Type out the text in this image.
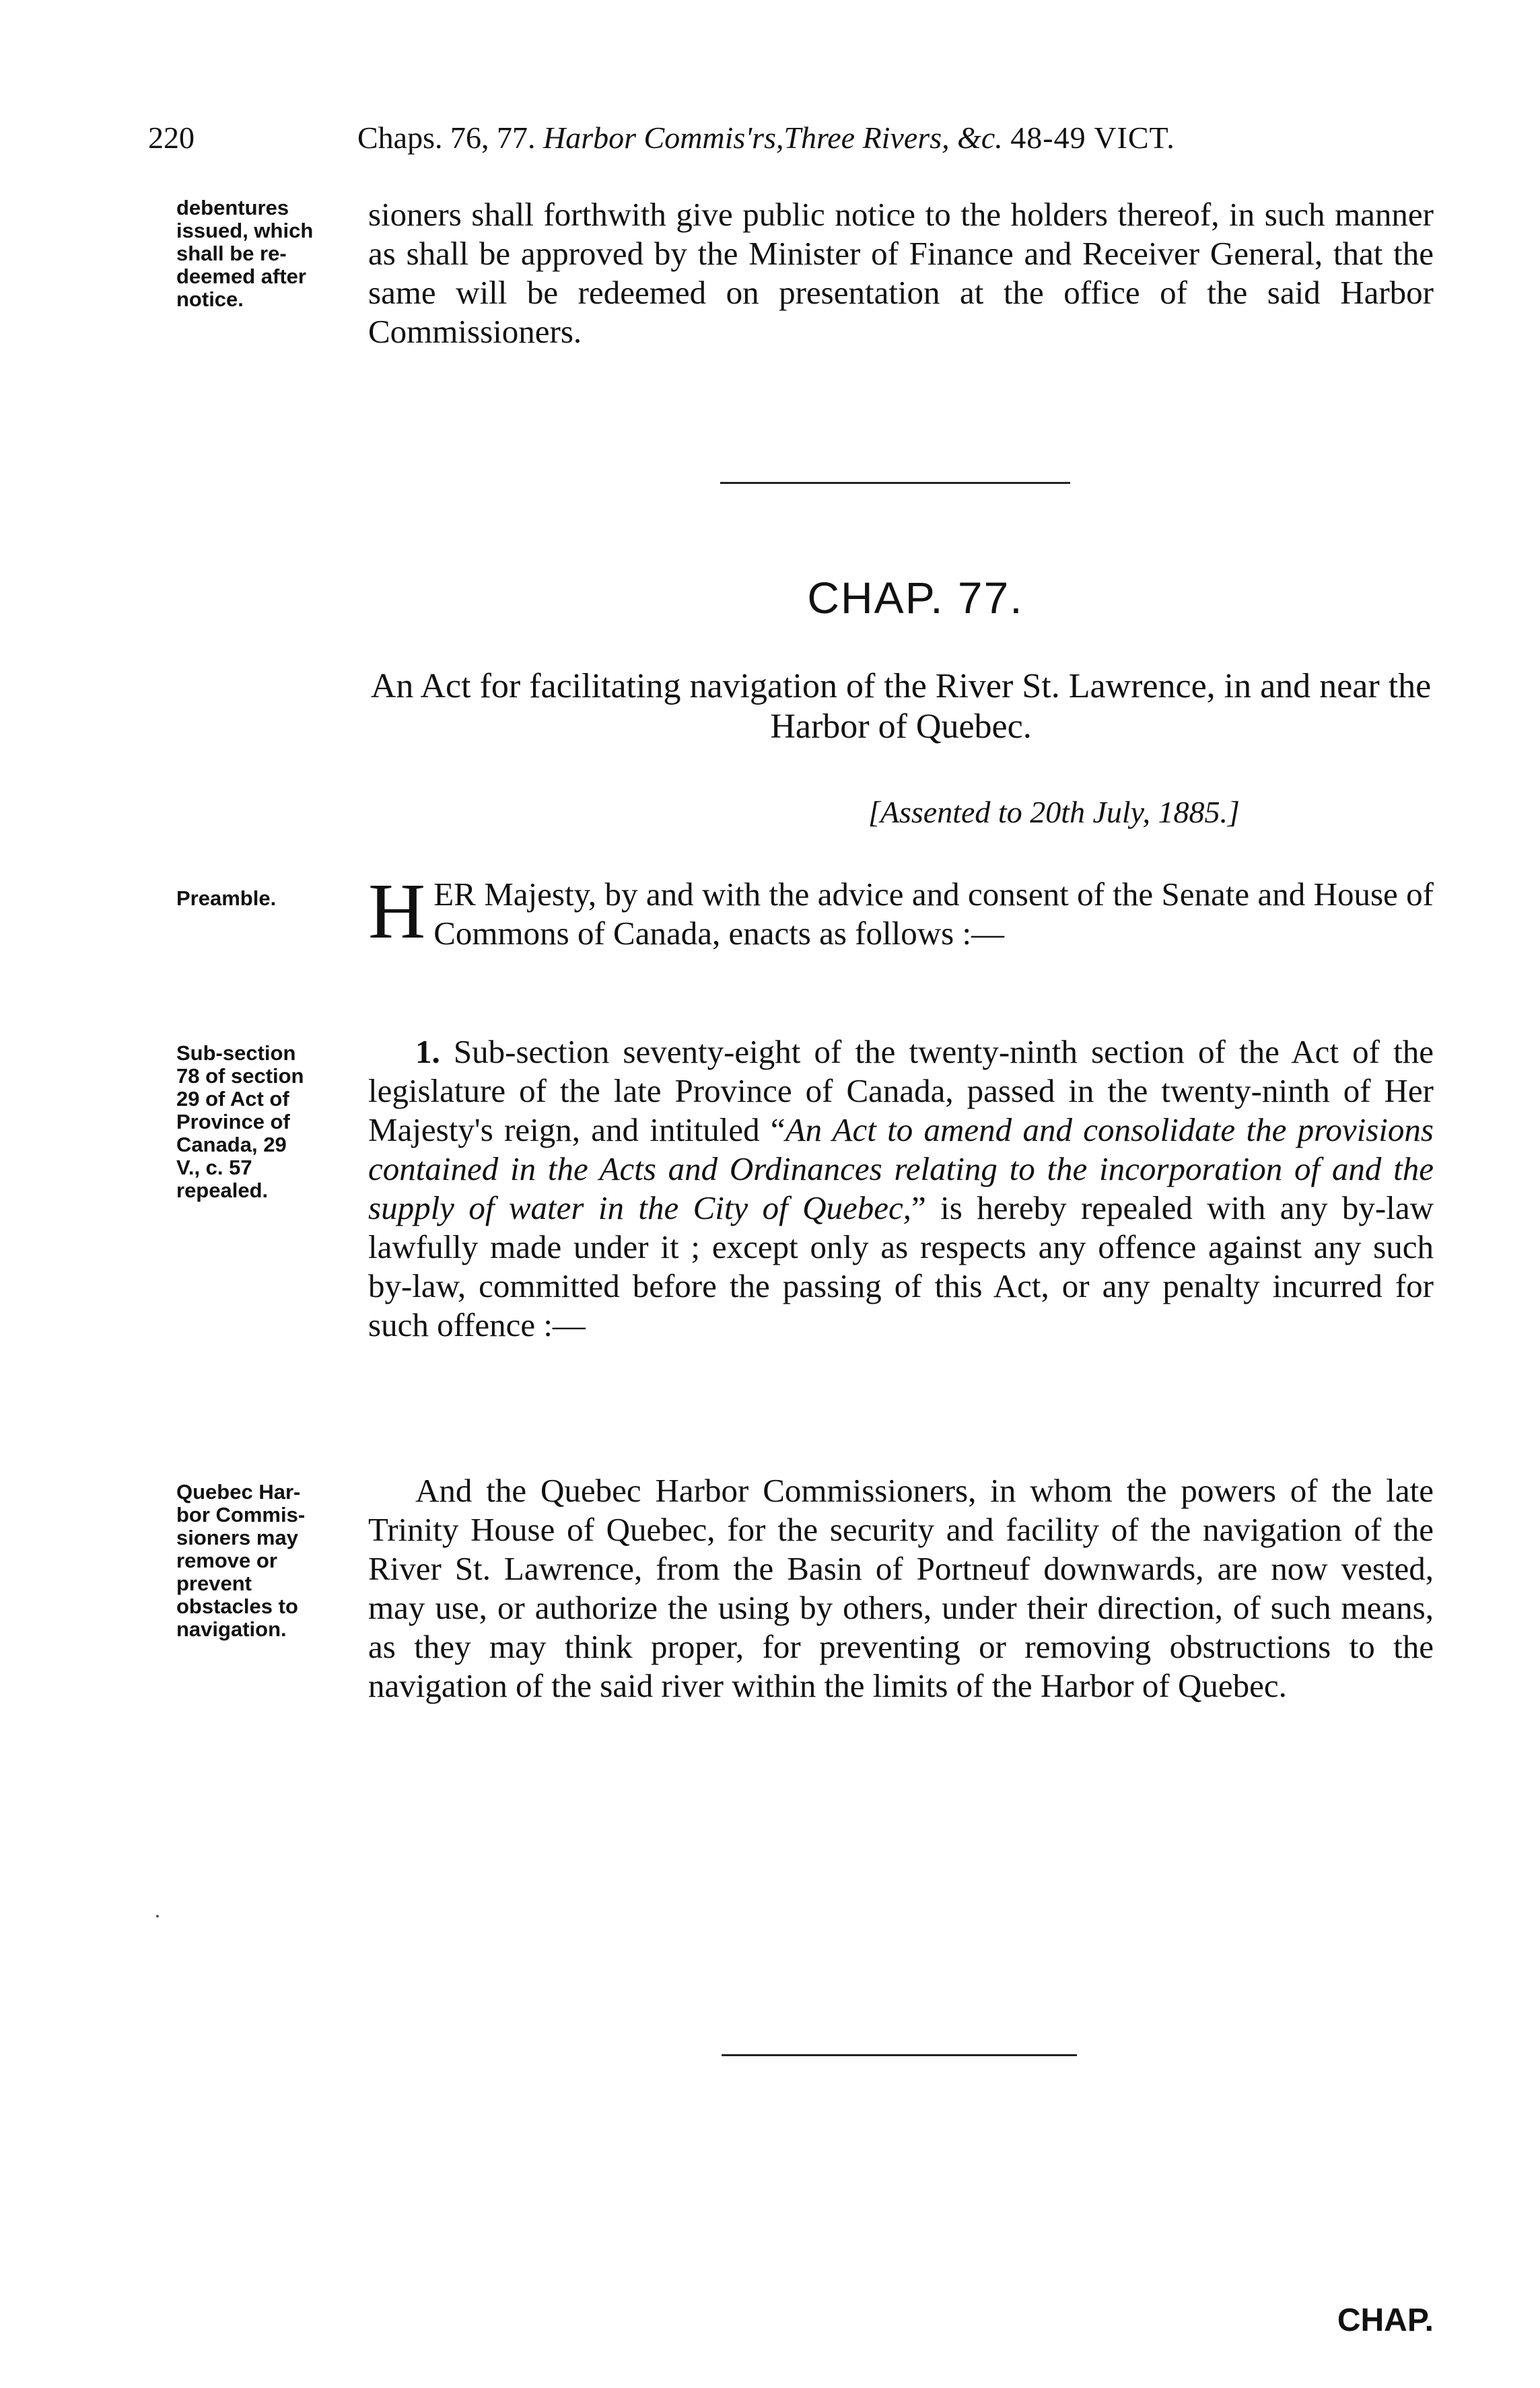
220	Chaps. 76, 77. Harbor Commis'rs,Three Rivers, &c. 48-49 VICT.

debentures
issued, which
shall be re-
deemed after
notice.

sioners shall forthwith give public notice to the holders thereof, in such manner as shall be approved by the Minister of Finance and Receiver General, that the same will be redeemed on presentation at the office of the said Harbor Commissioners.

CHAP. 77.
An Act for facilitating navigation of the River St. Lawrence, in and near the Harbor of Quebec.
[Assented to 20th July, 1885.]

Preamble.	HER Majesty, by and with the advice and consent of the Senate and House of Commons of Canada, enacts as follows :—

Sub-section
78 of section
29 of Act of
Province of
Canada, 29
V., c. 57
repealed.

1. Sub-section seventy-eight of the twenty-ninth section of the Act of the legislature of the late Province of Canada, passed in the twenty-ninth of Her Majesty's reign, and intituled “An Act to amend and consolidate the provisions contained in the Acts and Ordinances relating to the incorporation of and the supply of water in the City of Quebec,” is hereby repealed with any by-law lawfully made under it ; except only as respects any offence against any such by-law, committed before the passing of this Act, or any penalty incurred for such offence :—

Quebec Har-
bor Commis-
sioners may
remove or
prevent
obstacles to
navigation.

And the Quebec Harbor Commissioners, in whom the powers of the late Trinity House of Quebec, for the security and facility of the navigation of the River St. Lawrence, from the Basin of Portneuf downwards, are now vested, may use, or authorize the using by others, under their direction, of such means, as they may think proper, for preventing or removing obstructions to the navigation of the said river within the limits of the Harbor of Quebec.

CHAP.
